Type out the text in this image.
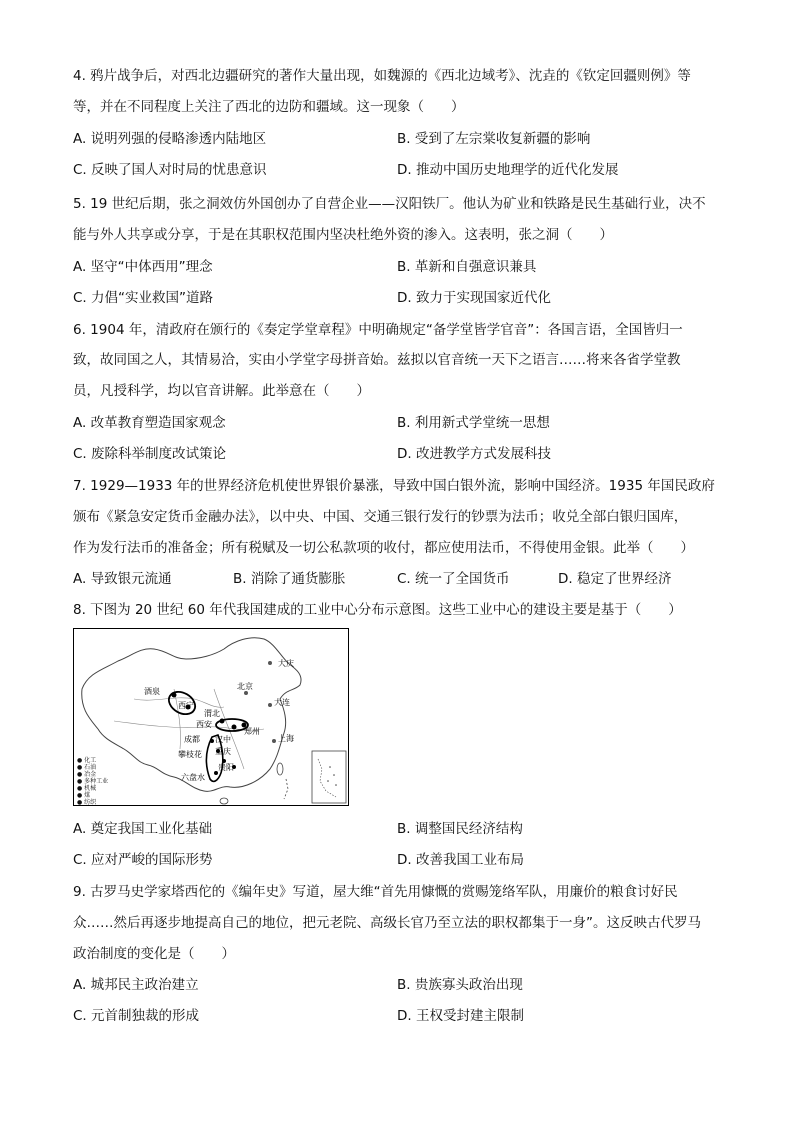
4. 鸦片战争后，对西北边疆研究的著作大量出现，如魏源的《西北边域考》、沈垚的《钦定回疆则例》等
等，并在不同程度上关注了西北的边防和疆域。这一现象（　　）
A. 说明列强的侵略渗透内陆地区	B. 受到了左宗棠收复新疆的影响
C. 反映了国人对时局的忧患意识	D. 推动中国历史地理学的近代化发展
5. 19 世纪后期，张之洞效仿外国创办了自营企业——汉阳铁厂。他认为矿业和铁路是民生基础行业，决不
能与外人共享或分享，于是在其职权范围内坚决杜绝外资的渗入。这表明，张之洞（　　）
A. 坚守“中体西用”理念	B. 革新和自强意识兼具
C. 力倡“实业救国”道路	D. 致力于实现国家近代化
6. 1904 年，清政府在颁行的《奏定学堂章程》中明确规定“备学堂皆学官音”：各国言语，全国皆归一
致，故同国之人，其情易洽，实由小学堂字母拼音始。兹拟以官音统一天下之语言……将来各省学堂教
员，凡授科学，均以官音讲解。此举意在（　　）
A. 改革教育塑造国家观念	B. 利用新式学堂统一思想
C. 废除科举制度改试策论	D. 改进教学方式发展科技
7. 1929—1933 年的世界经济危机使世界银价暴涨，导致中国白银外流，影响中国经济。1935 年国民政府
颁布《紧急安定货币金融办法》，以中央、中国、交通三银行发行的钞票为法币；收兑全部白银归国库，
作为发行法币的准备金；所有税赋及一切公私款项的收付，都应使用法币，不得使用金银。此举（　　）
A. 导致银元流通	B. 消除了通货膨胀	C. 统一了全国货币	D. 稳定了世界经济
8. 下图为 20 世纪 60 年代我国建成的工业中心分布示意图。这些工业中心的建设主要是基于（　　）
大庆
北京
大连
酒泉
西宁
渭北
西安
郑州
成都 汉中	上海
攀枝花 重庆
贵阳
六盘水
● 化工
● 石油
● 冶金
● 多种工业
● 机械
● 煤
● 纺织
A. 奠定我国工业化基础	B. 调整国民经济结构
C. 应对严峻的国际形势	D. 改善我国工业布局
9. 古罗马史学家塔西佗的《编年史》写道，屋大维“首先用慷慨的赏赐笼络军队，用廉价的粮食讨好民
众……然后再逐步地提高自己的地位，把元老院、高级长官乃至立法的职权都集于一身”。这反映古代罗马
政治制度的变化是（　　）
A. 城邦民主政治建立	B. 贵族寡头政治出现
C. 元首制独裁的形成	D. 王权受封建主限制
